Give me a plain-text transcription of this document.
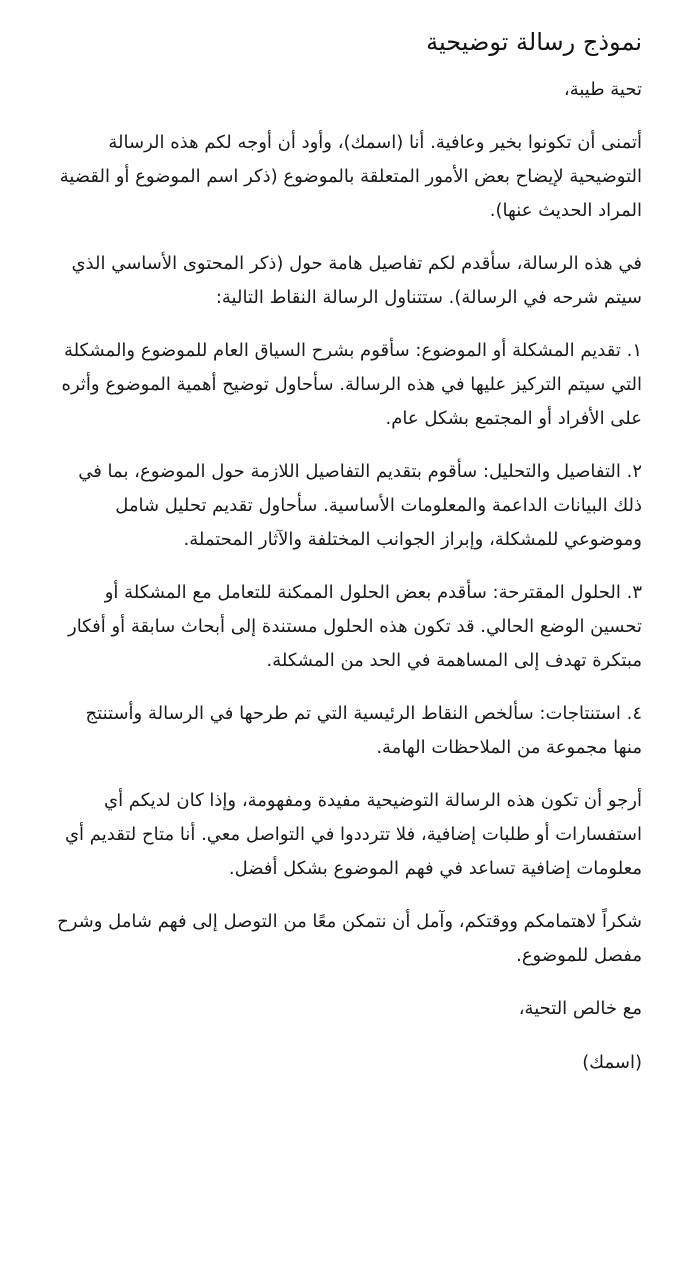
نموذج رسالة توضيحية

تحية طيبة،

أتمنى أن تكونوا بخير وعافية. أنا (اسمك)، وأود أن أوجه لكم هذه الرسالة التوضيحية لإيضاح بعض الأمور المتعلقة بالموضوع (ذكر اسم الموضوع أو القضية المراد الحديث عنها).

في هذه الرسالة، سأقدم لكم تفاصيل هامة حول (ذكر المحتوى الأساسي الذي سيتم شرحه في الرسالة). ستتناول الرسالة النقاط التالية:

١. تقديم المشكلة أو الموضوع: سأقوم بشرح السياق العام للموضوع والمشكلة التي سيتم التركيز عليها في هذه الرسالة. سأحاول توضيح أهمية الموضوع وأثره على الأفراد أو المجتمع بشكل عام.

٢. التفاصيل والتحليل: سأقوم بتقديم التفاصيل اللازمة حول الموضوع، بما في ذلك البيانات الداعمة والمعلومات الأساسية. سأحاول تقديم تحليل شامل وموضوعي للمشكلة، وإبراز الجوانب المختلفة والآثار المحتملة.

٣. الحلول المقترحة: سأقدم بعض الحلول الممكنة للتعامل مع المشكلة أو تحسين الوضع الحالي. قد تكون هذه الحلول مستندة إلى أبحاث سابقة أو أفكار مبتكرة تهدف إلى المساهمة في الحد من المشكلة.

٤. استنتاجات: سألخص النقاط الرئيسية التي تم طرحها في الرسالة وأستنتج منها مجموعة من الملاحظات الهامة.

أرجو أن تكون هذه الرسالة التوضيحية مفيدة ومفهومة، وإذا كان لديكم أي استفسارات أو طلبات إضافية، فلا تترددوا في التواصل معي. أنا متاح لتقديم أي معلومات إضافية تساعد في فهم الموضوع بشكل أفضل.

شكراً لاهتمامكم ووقتكم، وآمل أن نتمكن معًا من التوصل إلى فهم شامل وشرح مفصل للموضوع.

مع خالص التحية،

(اسمك)
